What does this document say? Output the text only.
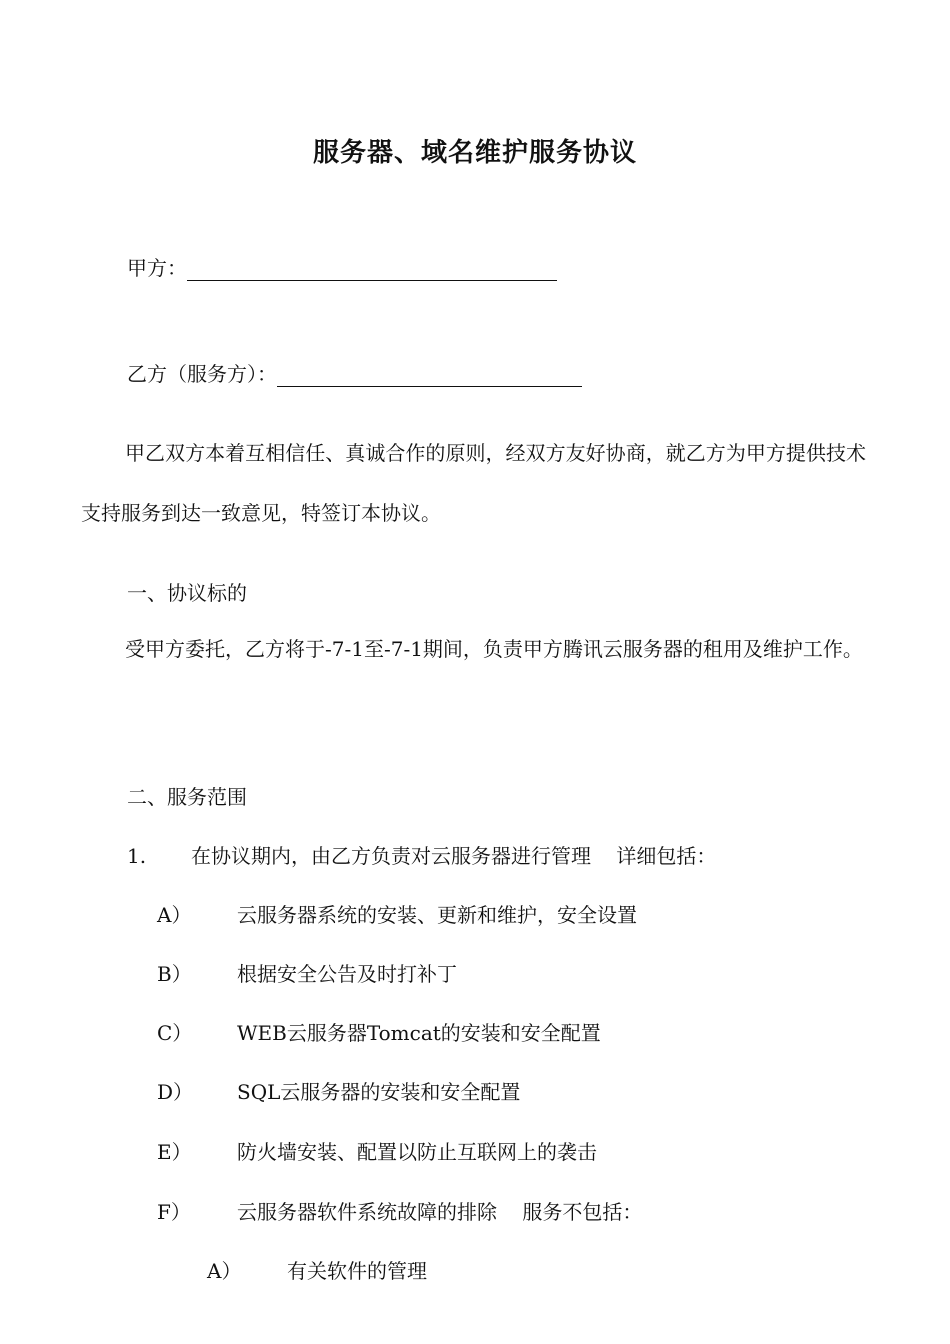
服务器、域名维护服务协议
甲方：
乙方（服务方）：
甲乙双方本着互相信任、真诚合作的原则，经双方友好协商，就乙方为甲方提供技术支持服务到达一致意见，特签订本协议。
一、协议标的
受甲方委托，乙方将于-7-1至-7-1期间，负责甲方腾讯云服务器的租用及维护工作。
二、服务范围
1. 在协议期内，由乙方负责对云服务器进行管理    详细包括：
A） 云服务器系统的安装、更新和维护，安全设置
B） 根据安全公告及时打补丁
C） WEB云服务器Tomcat的安装和安全配置
D） SQL云服务器的安装和安全配置
E） 防火墙安装、配置以防止互联网上的袭击
F） 云服务器软件系统故障的排除    服务不包括：
A） 有关软件的管理
